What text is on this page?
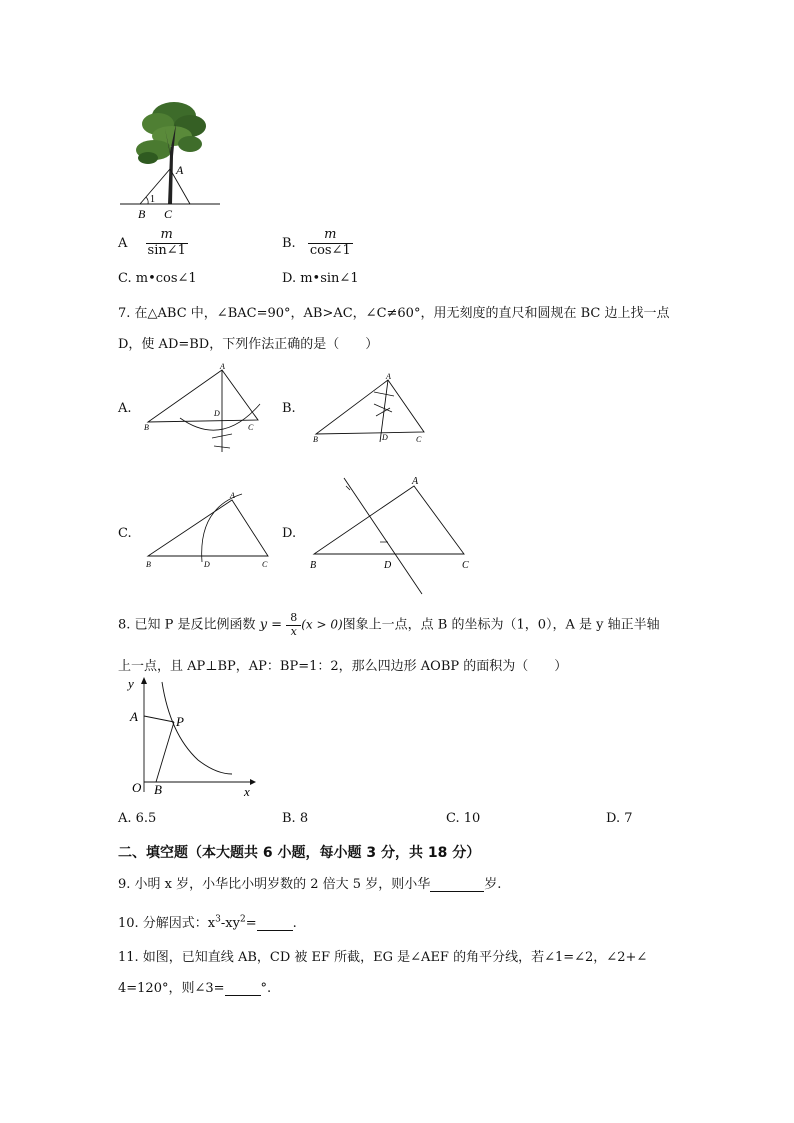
A
1
B C
A $\frac{m}{\sin\angle 1}$	B. $\frac{m}{\cos\angle 1}$
C. m•cos∠1	D. m•sin∠1
7. 在△ABC 中，∠BAC=90°，AB>AC，∠C≠60°，用无刻度的直尺和圆规在 BC 边上找一点
D，使 AD=BD，下列作法正确的是（　　）
A.
A
B	C
D	B.
A
B	C
D
C.
A
B	C
D
D.
A
B	C
D
8. 已知 P 是反比例函数 $y = \frac{8}{x} (x > 0)$图象上一点，点 B 的坐标为（1，0），A 是 y 轴正半轴
上一点，且 AP⊥BP，AP：BP=1：2，那么四边形 AOBP 的面积为（　　）
y
A	P
O B	x
A. 6.5	B. 8	C. 10	D. 7
二、填空题（本大题共 6 小题，每小题 3 分，共 18 分）
9. 小明 x 岁，小华比小明岁数的 2 倍大 5 岁，则小华	岁.
10. 分解因式：$x^3-xy^2=$	.
11. 如图，已知直线 AB，CD 被 EF 所截，EG 是∠AEF 的角平分线，若∠1=∠2，∠2+∠
4=120°，则∠3=	°.
